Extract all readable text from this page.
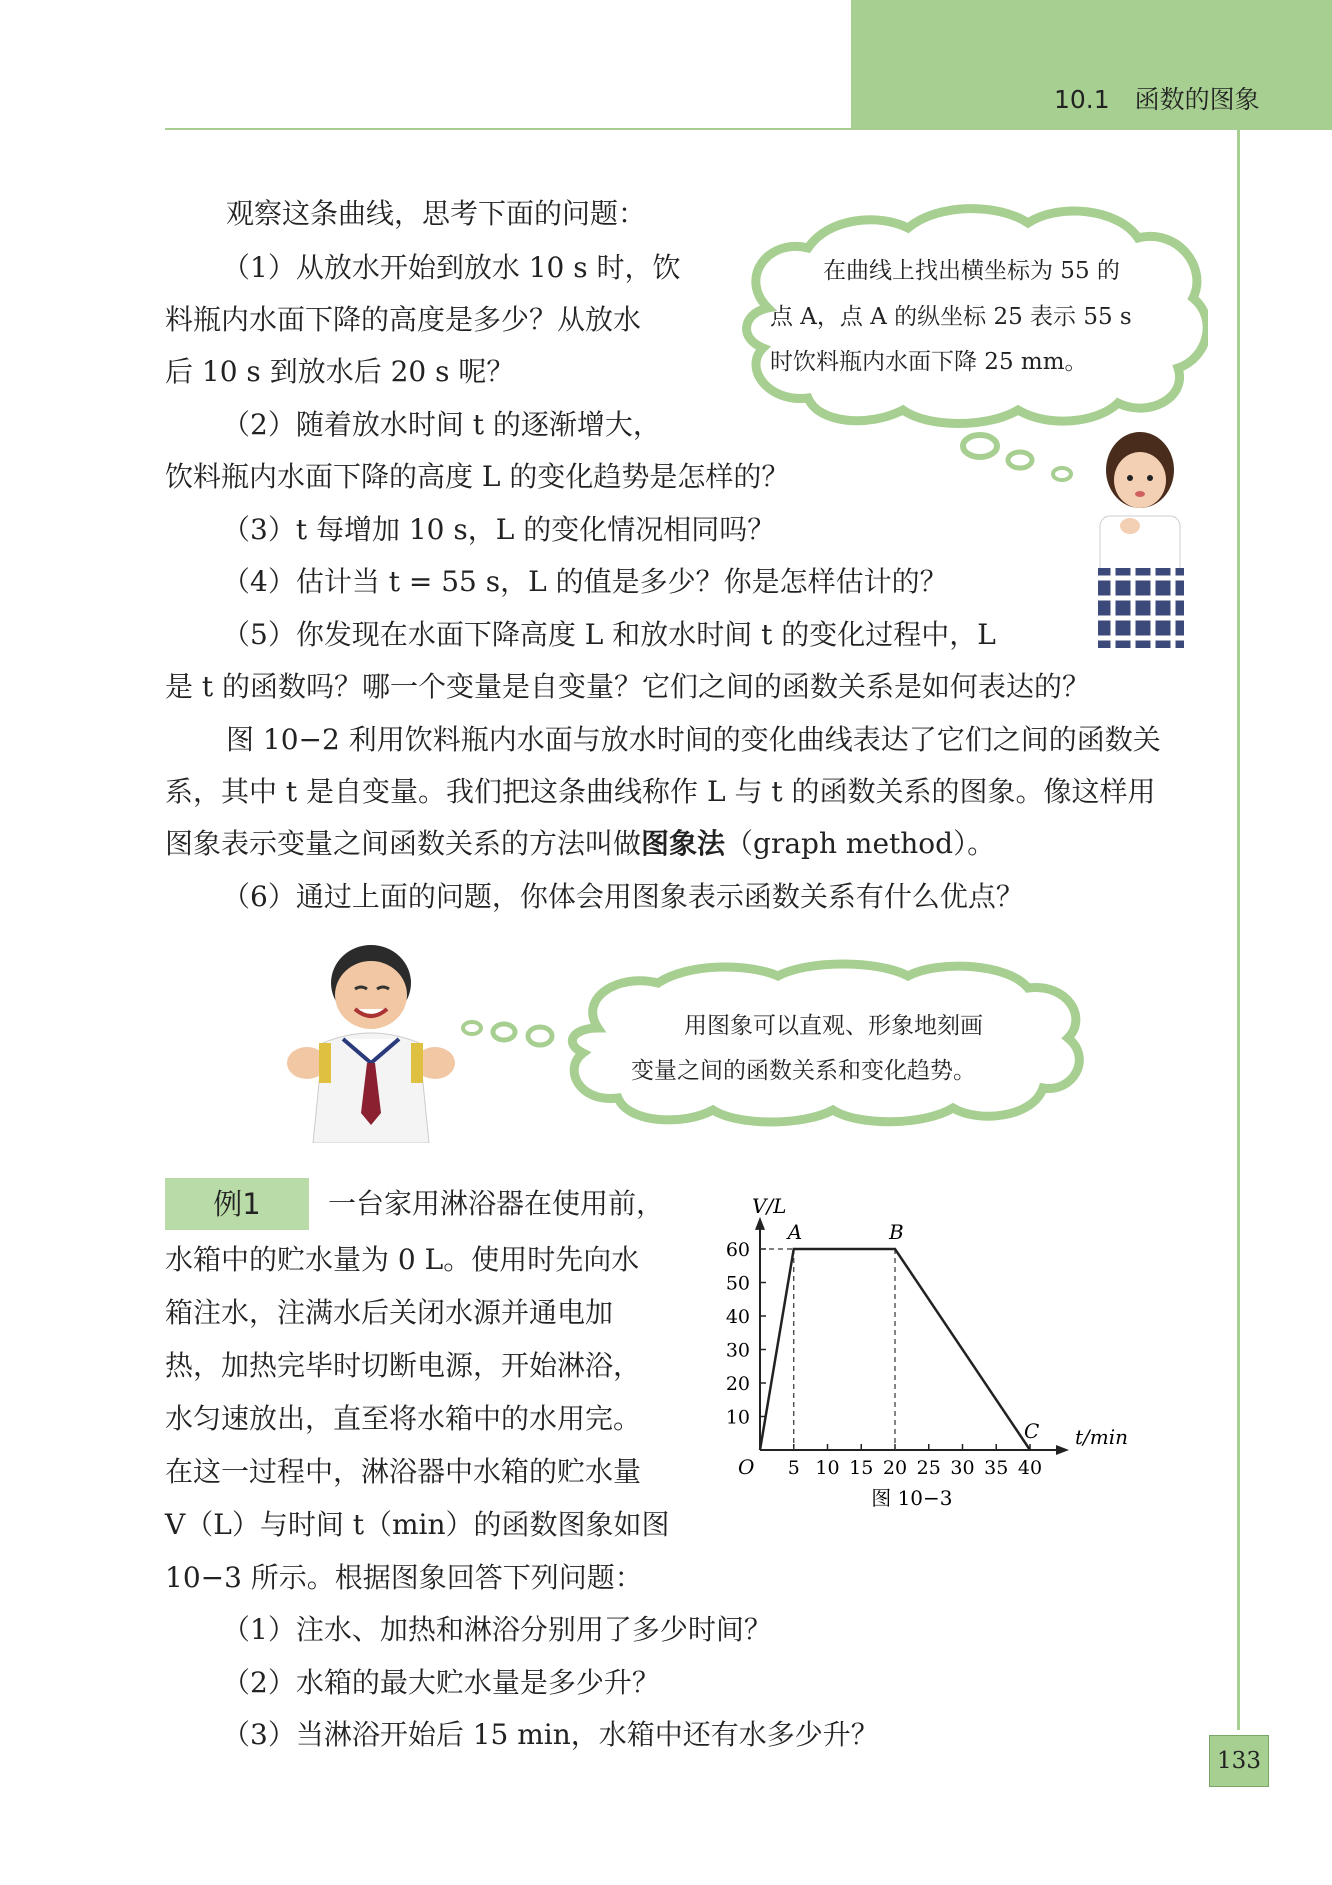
10.1　函数的图象
观察这条曲线，思考下面的问题：
（1）从放水开始到放水 10 s 时，饮
料瓶内水面下降的高度是多少？从放水
后 10 s 到放水后 20 s 呢？
（2）随着放水时间 t 的逐渐增大，
饮料瓶内水面下降的高度 L 的变化趋势是怎样的？
（3）t 每增加 10 s，L 的变化情况相同吗？
（4）估计当 t = 55 s，L 的值是多少？你是怎样估计的？
（5）你发现在水面下降高度 L 和放水时间 t 的变化过程中，L
是 t 的函数吗？哪一个变量是自变量？它们之间的函数关系是如何表达的？
图 10−2 利用饮料瓶内水面与放水时间的变化曲线表达了它们之间的函数关
系，其中 t 是自变量。我们把这条曲线称作 L 与 t 的函数关系的图象。像这样用
图象表示变量之间函数关系的方法叫做图象法（graph method）。
（6）通过上面的问题，你体会用图象表示函数关系有什么优点？
在曲线上找出横坐标为 55 的
点 A，点 A 的纵坐标 25 表示 55 s
时饮料瓶内水面下降 25 mm。
用图象可以直观、形象地刻画
变量之间的函数关系和变化趋势。
例1	一台家用淋浴器在使用前，
水箱中的贮水量为 0 L。使用时先向水
箱注水，注满水后关闭水源并通电加
热，加热完毕时切断电源，开始淋浴，
水匀速放出，直至将水箱中的水用完。
在这一过程中，淋浴器中水箱的贮水量
V（L）与时间 t（min）的函数图象如图
10−3 所示。根据图象回答下列问题：
（1）注水、加热和淋浴分别用了多少时间？
（2）水箱的最大贮水量是多少升？
（3）当淋浴开始后 15 min，水箱中还有水多少升？
V/L
t/min
O 5 10 15 20 25 30 35 40
10
20
30
40
50
60
A	B
C
图 10−3
133
